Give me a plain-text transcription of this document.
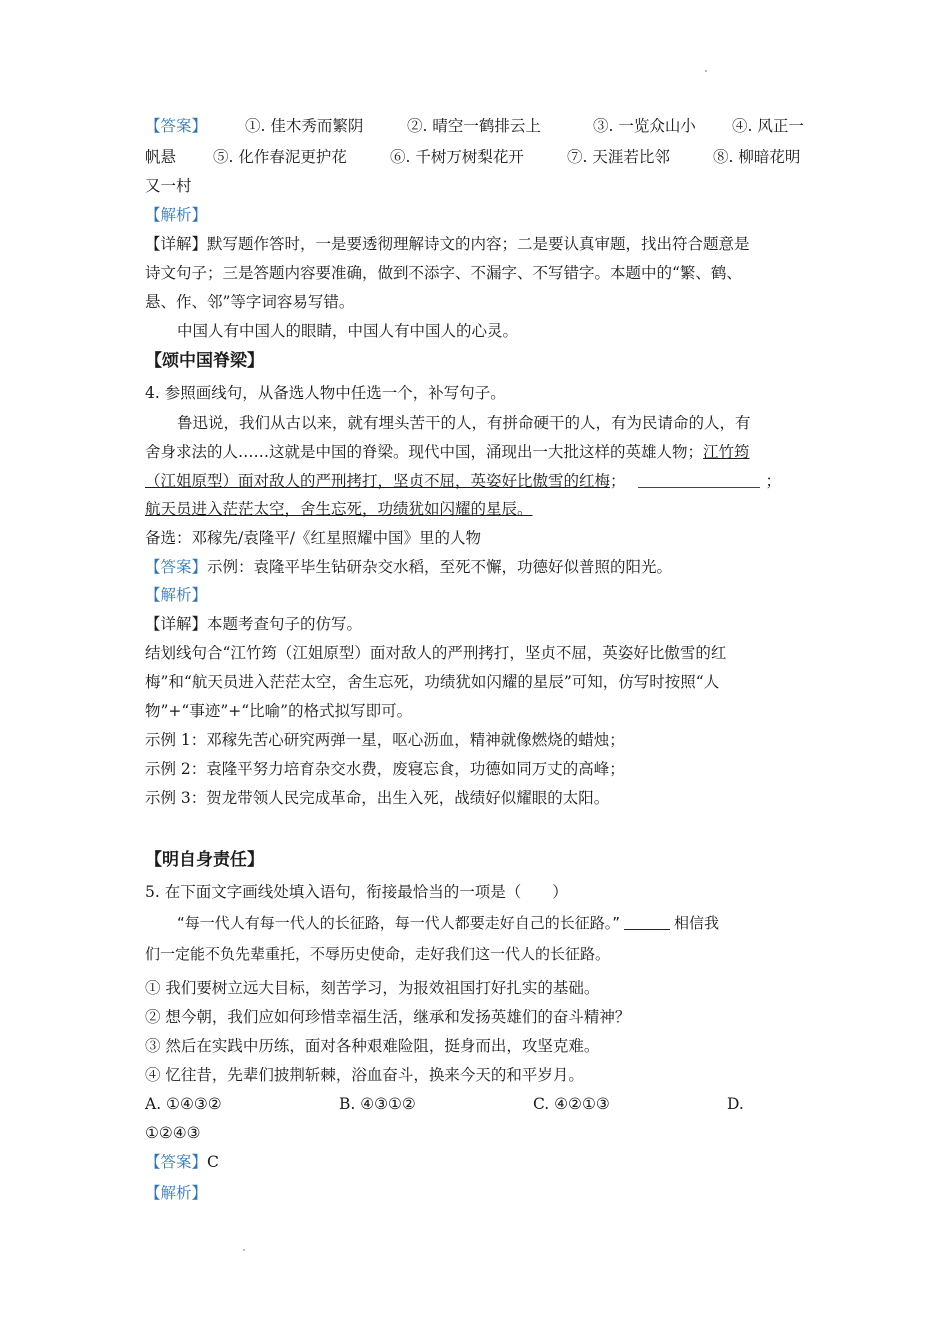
【答案】 ①. 佳木秀而繁阴	②. 晴空一鹤排云上	③. 一览众山小 ④. 风正一
帆悬 ⑤. 化作春泥更护花	⑥. 千树万树梨花开	⑦. 天涯若比邻	⑧. 柳暗花明
又一村
【解析】
【详解】默写题作答时，一是要透彻理解诗文的内容；二是要认真审题，找出符合题意是
诗文句子；三是答题内容要准确，做到不添字、不漏字、不写错字。本题中的“繁、鹤、
悬、作、邻”等字词容易写错。
中国人有中国人的眼睛，中国人有中国人的心灵。
【颂中国脊梁】
4. 参照画线句，从备选人物中任选一个，补写句子。
鲁迅说，我们从古以来，就有埋头苦干的人，有拼命硬干的人，有为民请命的人，有
舍身求法的人……这就是中国的脊梁。现代中国，涌现出一大批这样的英雄人物；江竹筠
（江姐原型）面对敌人的严刑拷打，坚贞不屈，英姿好比傲雪的红梅；	；
航天员进入茫茫太空，舍生忘死，功绩犹如闪耀的星辰。
备选：邓稼先/袁隆平/《红星照耀中国》里的人物
【答案】示例：袁隆平毕生钻研杂交水稻，至死不懈，功德好似普照的阳光。
【解析】
【详解】本题考查句子的仿写。
结划线句合“江竹筠（江姐原型）面对敌人的严刑拷打，坚贞不屈，英姿好比傲雪的红
梅”和“航天员进入茫茫太空，舍生忘死，功绩犹如闪耀的星辰”可知，仿写时按照“人
物”+“事迹”+“比喻”的格式拟写即可。
示例 1：邓稼先苦心研究两弹一星，呕心沥血，精神就像燃烧的蜡烛；
示例 2：袁隆平努力培育杂交水费，废寝忘食，功德如同万丈的高峰；
示例 3：贺龙带领人民完成革命，出生入死，战绩好似耀眼的太阳。
【明自身责任】
5. 在下面文字画线处填入语句，衔接最恰当的一项是（　　）
“每一代人有每一代人的长征路，每一代人都要走好自己的长征路。”	相信我
们一定能不负先辈重托，不辱历史使命，走好我们这一代人的长征路。
① 我们要树立远大目标，刻苦学习，为报效祖国打好扎实的基础。
② 想今朝，我们应如何珍惜幸福生活，继承和发扬英雄们的奋斗精神？
③ 然后在实践中历练，面对各种艰难险阻，挺身而出，攻坚克难。
④ 忆往昔，先辈们披荆斩棘，浴血奋斗，换来今天的和平岁月。
A. ①④③②	B. ④③①②	C. ④②①③	D.
①②④③
【答案】C
【解析】
